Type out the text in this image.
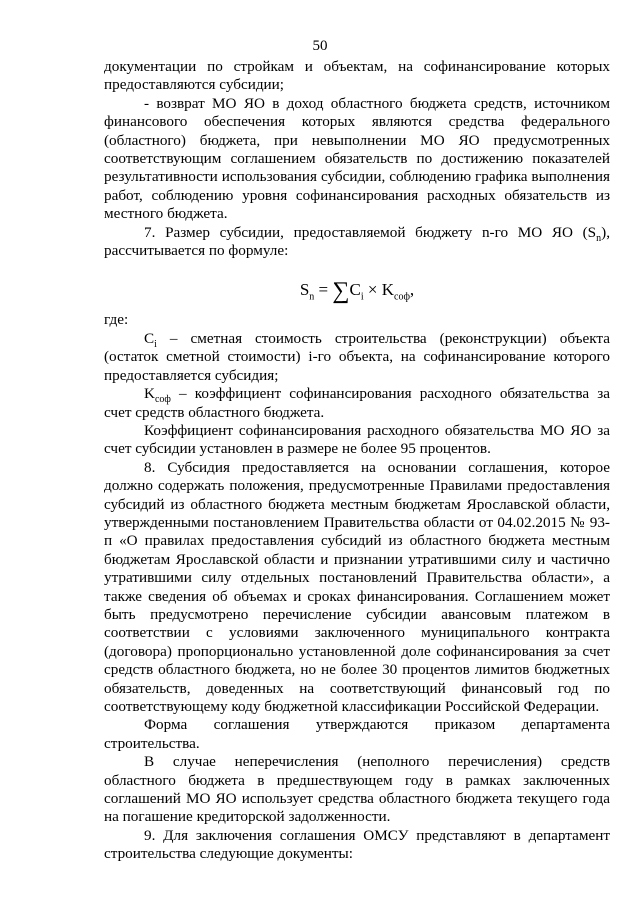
50

документации по стройкам и объектам, на софинансирование которых предоставляются субсидии;

- возврат МО ЯО в доход областного бюджета средств, источником финансового обеспечения которых являются средства федерального (областного) бюджета, при невыполнении МО ЯО предусмотренных соответствующим соглашением обязательств по достижению показателей результативности использования субсидии, соблюдению графика выполнения работ, соблюдению уровня софинансирования расходных обязательств из местного бюджета.

7. Размер субсидии, предоставляемой бюджету n-го МО ЯО $(S_n)$, рассчитывается по формуле:

$S_n = \sum C_i \times K_{соф}$,

где:

$C_i$ – сметная стоимость строительства (реконструкции) объекта (остаток сметной стоимости) i-го объекта, на софинансирование которого предоставляется субсидия;

$K_{соф}$ – коэффициент софинансирования расходного обязательства за счет средств областного бюджета.

Коэффициент софинансирования расходного обязательства МО ЯО за счет субсидии установлен в размере не более 95 процентов.

8. Субсидия предоставляется на основании соглашения, которое должно содержать положения, предусмотренные Правилами предоставления субсидий из областного бюджета местным бюджетам Ярославской области, утвержденными постановлением Правительства области от 04.02.2015 № 93-п «О правилах предоставления субсидий из областного бюджета местным бюджетам Ярославской области и признании утратившими силу и частично утратившими силу отдельных постановлений Правительства области», а также сведения об объемах и сроках финансирования. Соглашением может быть предусмотрено перечисление субсидии авансовым платежом в соответствии с условиями заключенного муниципального контракта (договора) пропорционально установленной доле софинансирования за счет средств областного бюджета, но не более 30 процентов лимитов бюджетных обязательств, доведенных на соответствующий финансовый год по соответствующему коду бюджетной классификации Российской Федерации.

Форма соглашения утверждаются приказом департамента строительства.

В случае неперечисления (неполного перечисления) средств областного бюджета в предшествующем году в рамках заключенных соглашений МО ЯО использует средства областного бюджета текущего года на погашение кредиторской задолженности.

9. Для заключения соглашения ОМСУ представляют в департамент строительства следующие документы:
